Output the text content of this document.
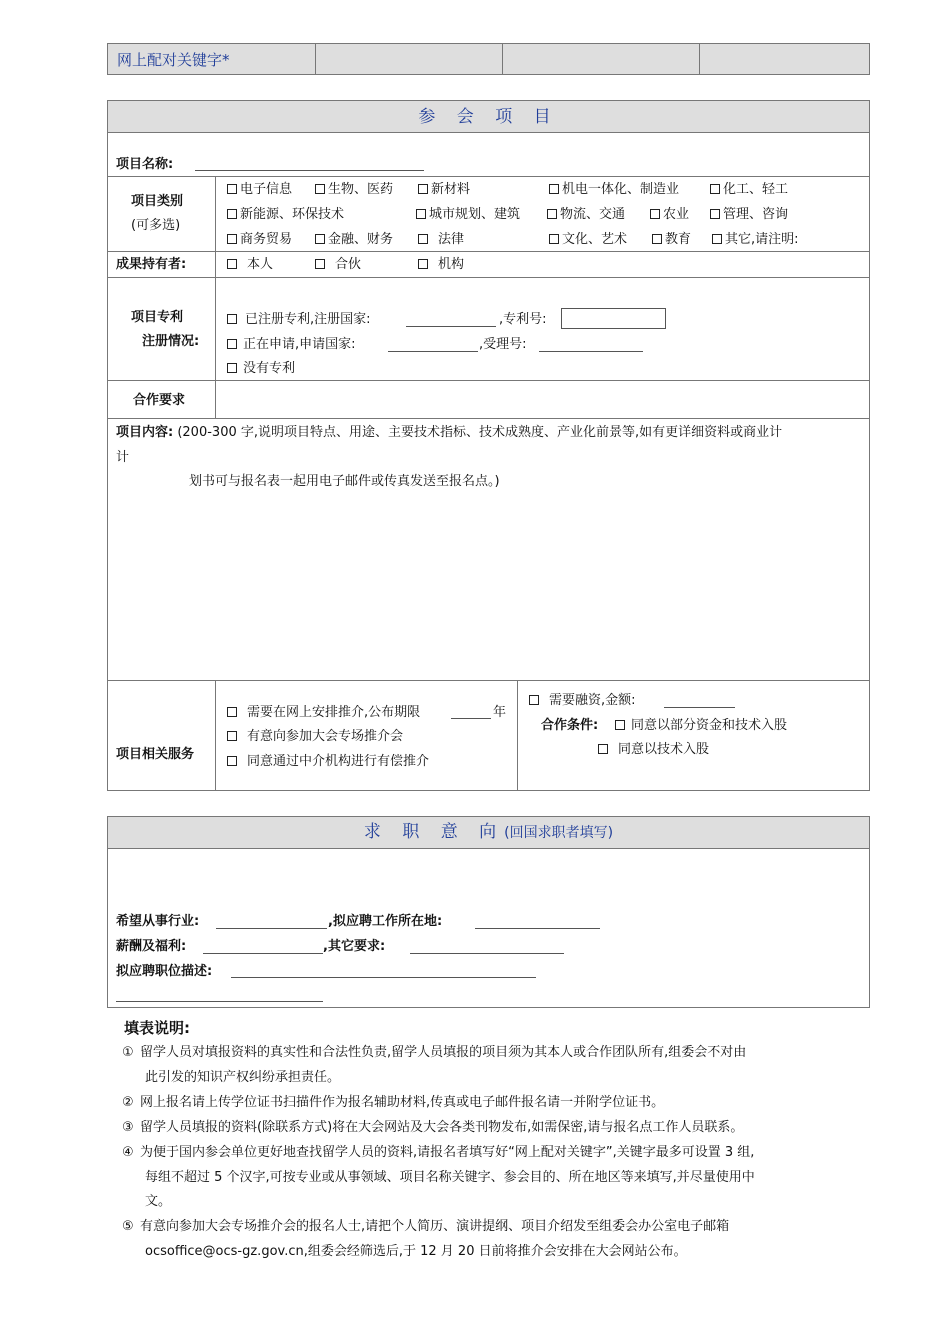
网上配对关键字*
参 会 项 目
项目名称:
项目类别
(可多选)
电子信息	生物、医药	新材料	机电一体化、制造业	化工、轻工
新能源、环保技术	城市规划、建筑	物流、交通	农业	管理、咨询
商务贸易	金融、财务	法律	文化、艺术	教育	其它,请注明:
成果持有者:	本人	合伙	机构
项目专利
注册情况:
已注册专利,注册国家:	,专利号:
正在申请,申请国家:	,受理号:
没有专利
合作要求
项目内容: (200-300 字,说明项目特点、用途、主要技术指标、技术成熟度、产业化前景等,如有更详细资料或商业计
计
划书可与报名表一起用电子邮件或传真发送至报名点。)
项目相关服务
需要在网上安排推介,公布期限	年
有意向参加大会专场推介会
同意通过中介机构进行有偿推介
需要融资,金额:
合作条件:	同意以部分资金和技术入股
同意以技术入股
求 职 意 向(回国求职者填写)
希望从事行业:	,拟应聘工作所在地:
薪酬及福利:	,其它要求:
拟应聘职位描述:
填表说明:
① 留学人员对填报资料的真实性和合法性负责,留学人员填报的项目须为其本人或合作团队所有,组委会不对由
此引发的知识产权纠纷承担责任。
② 网上报名请上传学位证书扫描件作为报名辅助材料,传真或电子邮件报名请一并附学位证书。
③ 留学人员填报的资料(除联系方式)将在大会网站及大会各类刊物发布,如需保密,请与报名点工作人员联系。
④ 为便于国内参会单位更好地查找留学人员的资料,请报名者填写好“网上配对关键字”,关键字最多可设置 3 组,
每组不超过 5 个汉字,可按专业或从事领域、项目名称关键字、参会目的、所在地区等来填写,并尽量使用中
文。
⑤ 有意向参加大会专场推介会的报名人士,请把个人简历、演讲提纲、项目介绍发至组委会办公室电子邮箱
ocsoffice@ocs-gz.gov.cn,组委会经筛选后,于 12 月 20 日前将推介会安排在大会网站公布。
